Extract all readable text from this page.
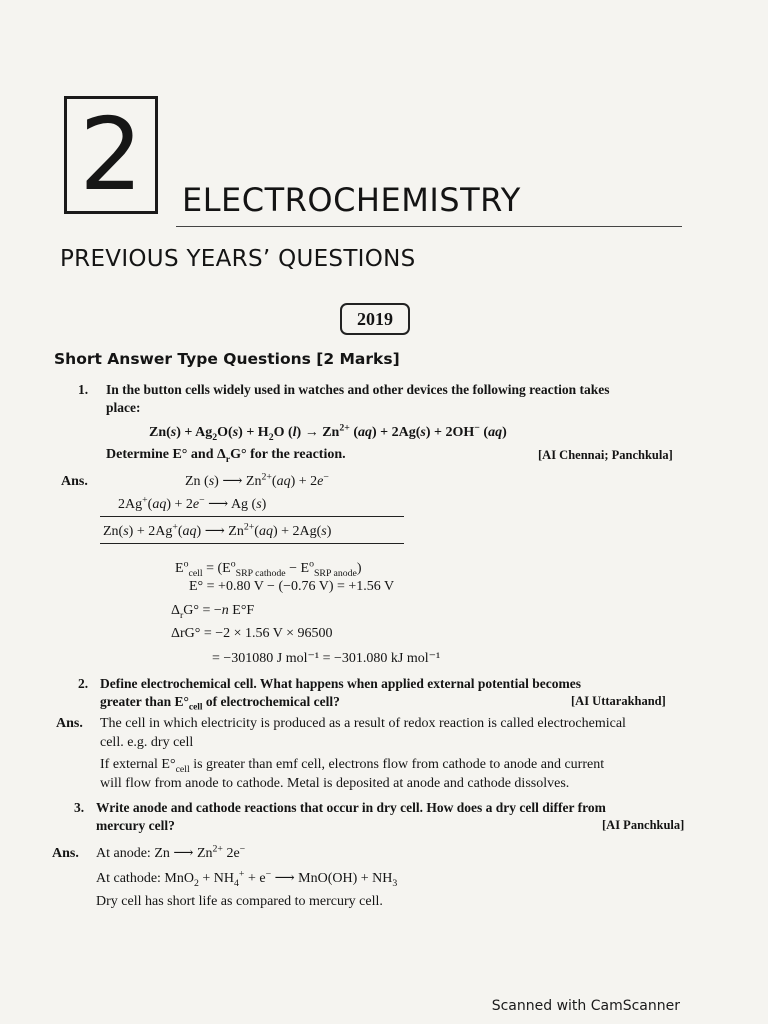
2 ELECTROCHEMISTRY
PREVIOUS YEARS’ QUESTIONS
2019
Short Answer Type Questions [2 Marks]
1. In the button cells widely used in watches and other devices the following reaction takes
place:
$Zn(s) + Ag_2O(s) + H_2O$ $(l) \to Zn^{2+}$ (aq) + 2Ag(s) + 2OH− (aq)
Determine E° and $\Delta_rG^\circ$ for the reaction.	[AI Chennai; Panchkula]
Ans.	Zn (s) ⟶ $Zn^{2+}(aq) + 2e^-$
2Ag+(aq) + 2e− ⟶ Ag (s)
Zn(s) + 2Ag+(aq) ⟶ $Zn^{2+}(aq) + 2Ag(s)$
$E^o_{cell} = (E^o_{SRP cathode} - E^o_{SRP anode})$
E° = +0.80 V − (−0.76 V) = +1.56 V
$\Delta_rG^\circ = -n$ E°F
ΔrG° = −2 × 1.56 V × 96500
= −301080 J mol⁻¹ = −301.080 kJ mol⁻¹
2. Define electrochemical cell. What happens when applied external potential becomes
greater than $E^\circ_{cell}$ of electrochemical cell?	[AI Uttarakhand]
Ans. The cell in which electricity is produced as a result of redox reaction is called electrochemical
cell. e.g. dry cell
If external $E^\circ_{cell}$ is greater than emf cell, electrons flow from cathode to anode and current
will flow from anode to cathode. Metal is deposited at anode and cathode dissolves.
3. Write anode and cathode reactions that occur in dry cell. How does a dry cell differ from
mercury cell?	[AI Panchkula]
Ans. At anode: Zn ⟶ $Zn^{2+}$ 2e−
At cathode: $MnO_2 + NH_4^+ + e^-$ ⟶ $MnO(OH) + NH_3$
Dry cell has short life as compared to mercury cell.
Scanned with CamScanner
